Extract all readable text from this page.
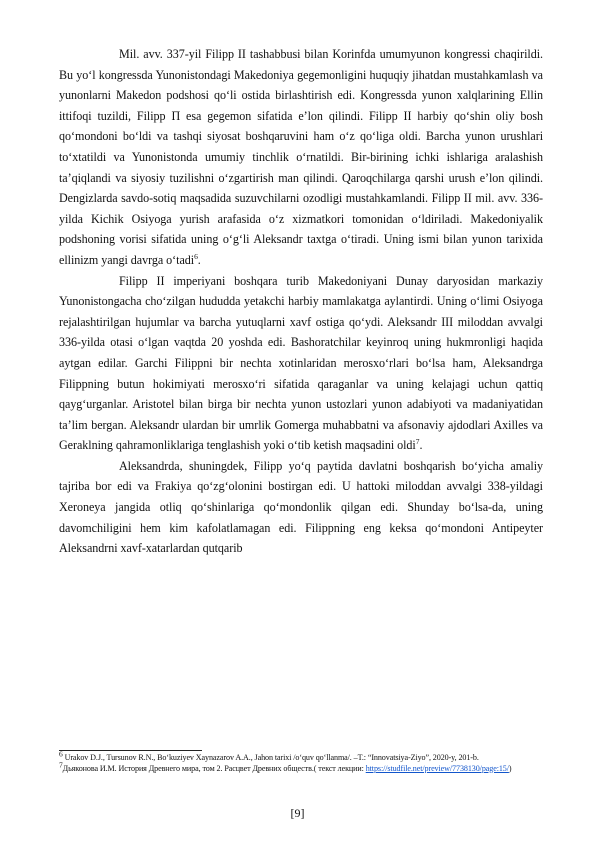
Mil. avv. 337-yil Filipp II tashabbusi bilan Korinfda umumyunon kongressi chaqirildi. Bu yo‘l kongressda Yunonistondagi Makedoniya gegemonligini huquqiy jihatdan mustahkamlash va yunonlarni Makedon podshosi qo‘li ostida birlashtirish edi. Kongressda yunon xalqlarining Ellin ittifoqi tuzildi, Filipp П esa gegemon sifatida e’lon qilindi. Filipp II harbiy qo‘shin oliy bosh qo‘mondoni bo‘ldi va tashqi siyosat boshqaruvini ham o‘z qo‘liga oldi. Barcha yunon urushlari to‘xtatildi va Yunonistonda umumiy tinchlik o‘rnatildi. Bir-birining ichki ishlariga aralashish ta’qiqlandi va siyosiy tuzilishni o‘zgartirish man qilindi. Qaroqchilarga qarshi urush e’lon qilindi. Dengizlarda savdo-sotiq maqsadida suzuvchilarni ozodligi mustahkamlandi. Filipp II mil. avv. 336-yilda Kichik Osiyoga yurish arafasida o‘z xizmatkori tomonidan o‘ldiriladi. Makedoniyalik podshoning vorisi sifatida uning o‘g‘li Aleksandr taxtga o‘tiradi. Uning ismi bilan yunon tarixida ellinizm yangi davrga o‘tadi$^6$.

Filipp II imperiyani boshqara turib Makedoniyani Dunay daryosidan markaziy Yunonistongacha cho‘zilgan hududda yetakchi harbiy mamlakatga aylantirdi. Uning o‘limi Osiyoga rejalashtirilgan hujumlar va barcha yutuqlarni xavf ostiga qo‘ydi. Aleksandr III miloddan avvalgi 336-yilda otasi o‘lgan vaqtda 20 yoshda edi. Bashoratchilar keyinroq uning hukmronligi haqida aytgan edilar. Garchi Filippni bir nechta xotinlaridan merosxo‘rlari bo‘lsa ham, Aleksandrga Filippning butun hokimiyati merosxo‘ri sifatida qaraganlar va uning kelajagi uchun qattiq qayg‘urganlar. Aristotel bilan birga bir nechta yunon ustozlari yunon adabiyoti va madaniyatidan ta’lim bergan. Aleksandr ulardan bir umrlik Gomerga muhabbatni va afsonaviy ajdodlari Axilles va Geraklning qahramonliklariga tenglashish yoki o‘tib ketish maqsadini oldi$^7$.

Aleksandrda, shuningdek, Filipp yo‘q paytida davlatni boshqarish bo‘yicha amaliy tajriba bor edi va Frakiya qo‘zg‘olonini bostirgan edi. U hattoki miloddan avvalgi 338-yildagi Xeroneya jangida otliq qo‘shinlariga qo‘mondonlik qilgan edi. Shunday bo‘lsa-da, uning davomchiligini hem kim kafolatlamagan edi. Filippning eng keksa qo‘mondoni Antipeyter Aleksandrni xavf-xatarlardan qutqarib

$^6$ Urakov D.J., Tursunov R.N., Boʻkuziyev Xaynazarov A.A., Jahon tarixi /oʻquv qoʻllanma/. –T.: “Innovatsiya-Ziyo”, 2020-y, 201-b.

$^7$Дьяконова И.М. История Древнего мира, том 2. Расцвет Древних обществ.( текст лекции: https://studfile.net/preview/7738130/page:15/)

[9]
